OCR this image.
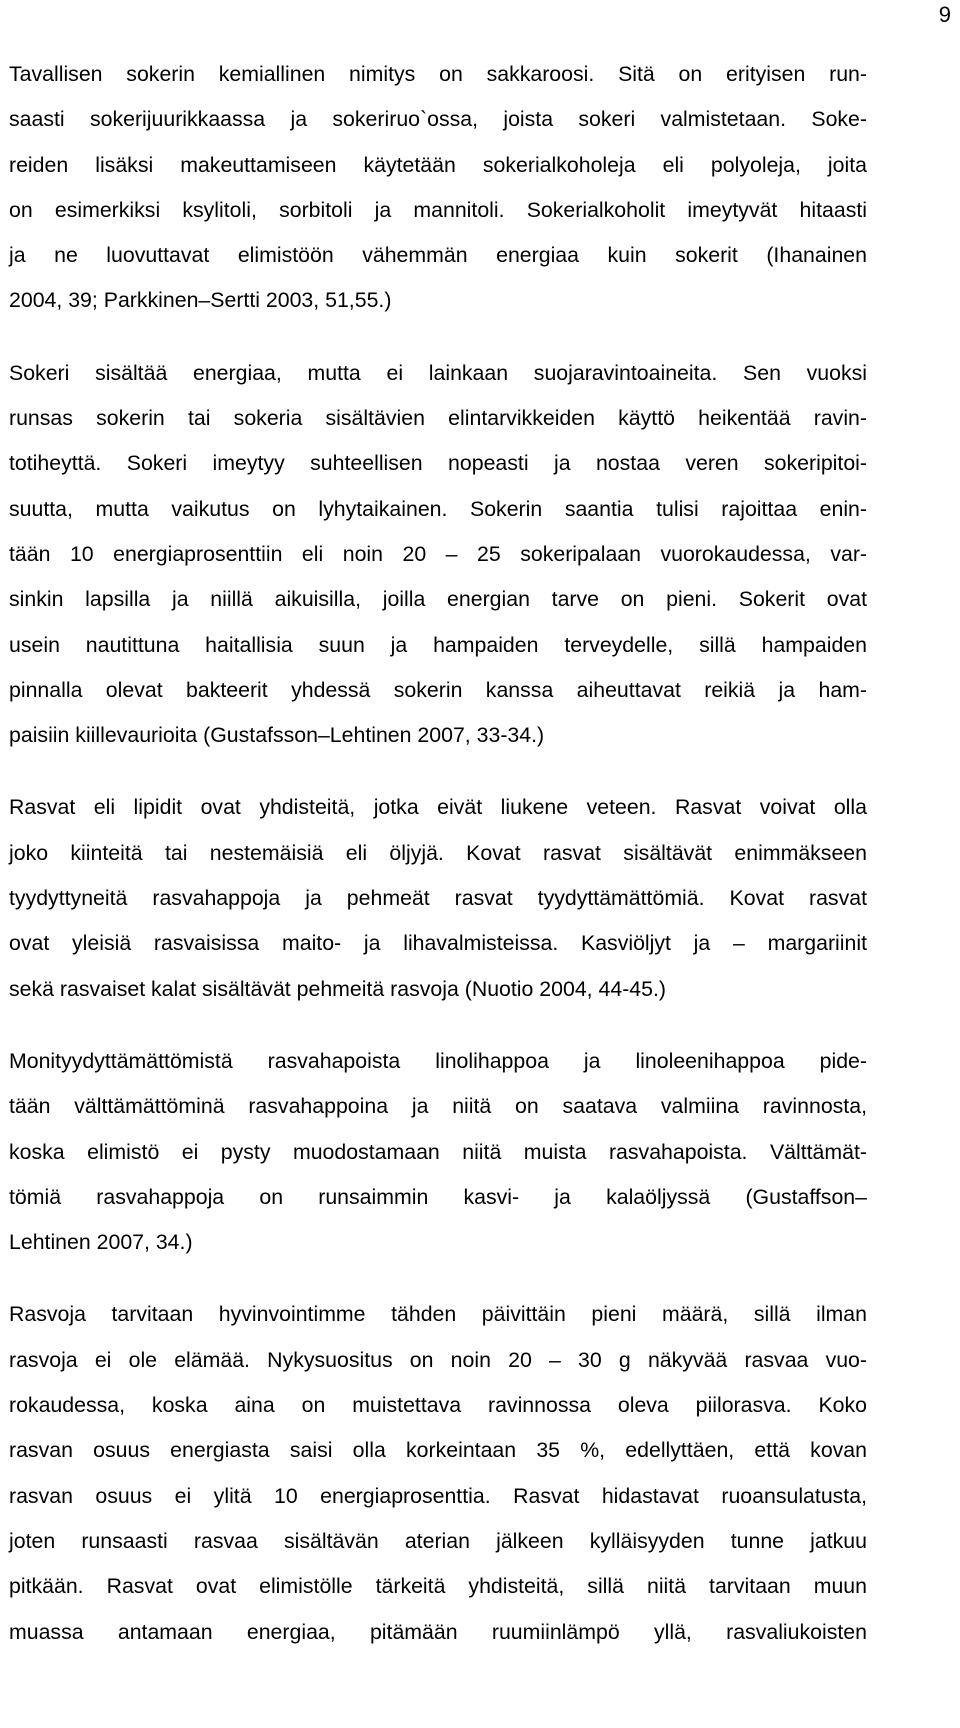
9
Tavallisen sokerin kemiallinen nimitys on sakkaroosi. Sitä on erityisen run-
saasti sokerijuurikkaassa ja sokeriruo`ossa, joista sokeri valmistetaan. Soke-
reiden lisäksi makeuttamiseen käytetään sokerialkoholeja eli polyoleja, joita
on esimerkiksi ksylitoli, sorbitoli ja mannitoli. Sokerialkoholit imeytyvät hitaasti
ja ne luovuttavat elimistöön vähemmän energiaa kuin sokerit (Ihanainen
2004, 39; Parkkinen–Sertti 2003, 51,55.)
Sokeri sisältää energiaa, mutta ei lainkaan suojaravintoaineita. Sen vuoksi
runsas sokerin tai sokeria sisältävien elintarvikkeiden käyttö heikentää ravin-
totiheyttä. Sokeri imeytyy suhteellisen nopeasti ja nostaa veren sokeripitoi-
suutta, mutta vaikutus on lyhytaikainen. Sokerin saantia tulisi rajoittaa enin-
tään 10 energiaprosenttiin eli noin 20 – 25 sokeripalaan vuorokaudessa, var-
sinkin lapsilla ja niillä aikuisilla, joilla energian tarve on pieni. Sokerit ovat
usein nautittuna haitallisia suun ja hampaiden terveydelle, sillä hampaiden
pinnalla olevat bakteerit yhdessä sokerin kanssa aiheuttavat reikiä ja ham-
paisiin kiillevaurioita (Gustafsson–Lehtinen 2007, 33-34.)
Rasvat eli lipidit ovat yhdisteitä, jotka eivät liukene veteen. Rasvat voivat olla
joko kiinteitä tai nestemäisiä eli öljyjä. Kovat rasvat sisältävät enimmäkseen
tyydyttyneitä rasvahappoja ja pehmeät rasvat tyydyttämättömiä. Kovat rasvat
ovat yleisiä rasvaisissa maito- ja lihavalmisteissa. Kasviöljyt ja – margariinit
sekä rasvaiset kalat sisältävät pehmeitä rasvoja (Nuotio 2004, 44-45.)
Monityydyttämättömistä rasvahapoista linolihappoa ja linoleenihappoa pide-
tään välttämättöminä rasvahappoina ja niitä on saatava valmiina ravinnosta,
koska elimistö ei pysty muodostamaan niitä muista rasvahapoista. Välttämät-
tömiä rasvahappoja on runsaimmin kasvi- ja kalaöljyssä (Gustaffson–
Lehtinen 2007, 34.)
Rasvoja tarvitaan hyvinvointimme tähden päivittäin pieni määrä, sillä ilman
rasvoja ei ole elämää. Nykysuositus on noin 20 – 30 g näkyvää rasvaa vuo-
rokaudessa, koska aina on muistettava ravinnossa oleva piilorasva. Koko
rasvan osuus energiasta saisi olla korkeintaan 35 %, edellyttäen, että kovan
rasvan osuus ei ylitä 10 energiaprosenttia. Rasvat hidastavat ruoansulatusta,
joten runsaasti rasvaa sisältävän aterian jälkeen kylläisyyden tunne jatkuu
pitkään. Rasvat ovat elimistölle tärkeitä yhdisteitä, sillä niitä tarvitaan muun
muassa antamaan energiaa, pitämään ruumiinlämpö yllä, rasvaliukoisten
